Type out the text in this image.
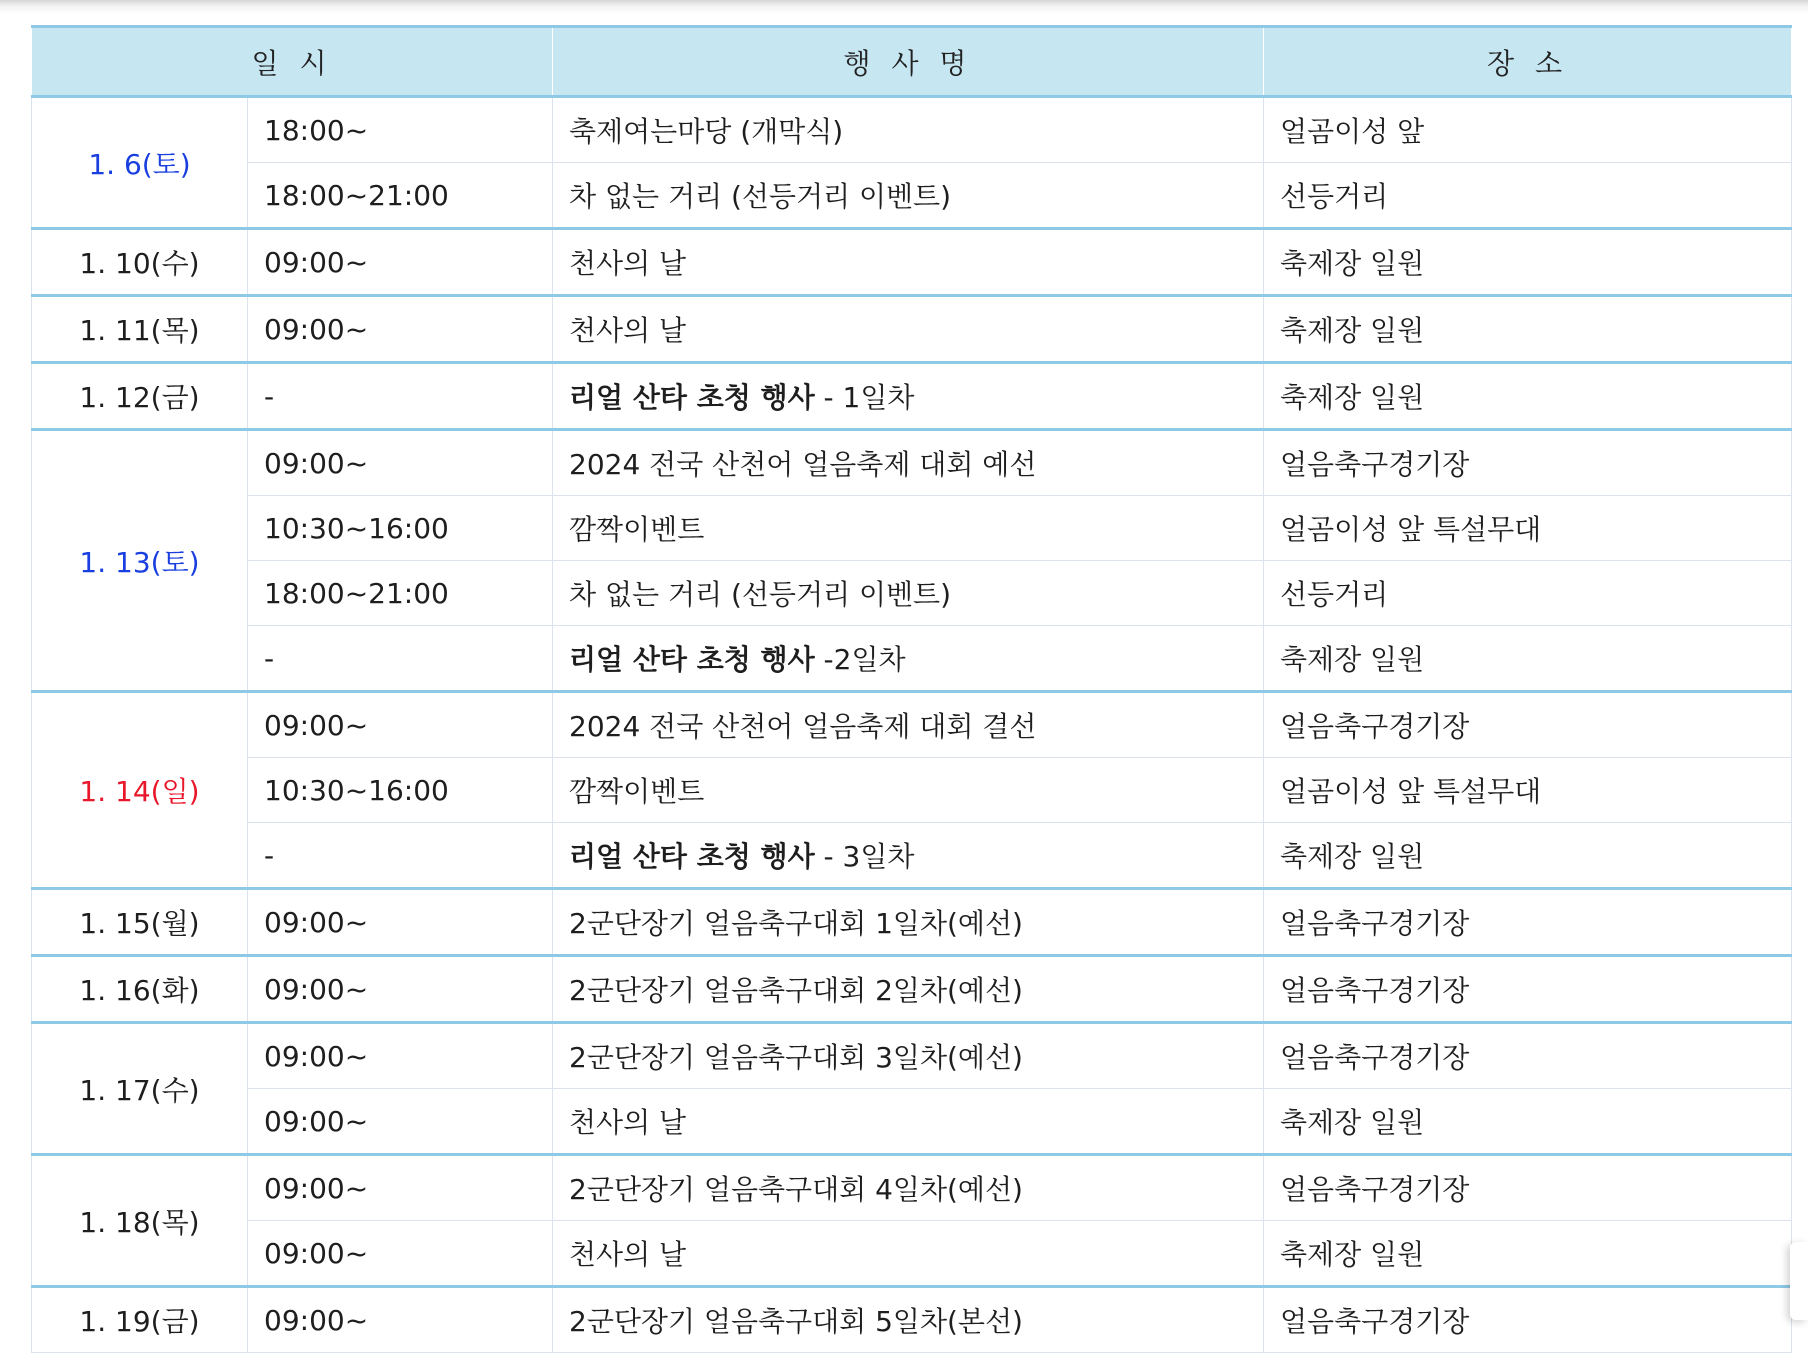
일 시		행 사 명	장 소
1. 6(토)	18:00~	축제여는마당 (개막식)	얼곰이성 앞
	18:00~21:00	차 없는 거리 (선등거리 이벤트)	선등거리
1. 10(수)	09:00~	천사의 날	축제장 일원
1. 11(목)	09:00~	천사의 날	축제장 일원
1. 12(금)	-	리얼 산타 초청 행사 - 1일차	축제장 일원
1. 13(토)	09:00~	2024 전국 산천어 얼음축제 대회 예선	얼음축구경기장
	10:30~16:00	깜짝이벤트	얼곰이성 앞 특설무대
	18:00~21:00	차 없는 거리 (선등거리 이벤트)	선등거리
	-	리얼 산타 초청 행사 -2일차	축제장 일원
1. 14(일)	09:00~	2024 전국 산천어 얼음축제 대회 결선	얼음축구경기장
	10:30~16:00	깜짝이벤트	얼곰이성 앞 특설무대
	-	리얼 산타 초청 행사 - 3일차	축제장 일원
1. 15(월)	09:00~	2군단장기 얼음축구대회 1일차(예선)	얼음축구경기장
1. 16(화)	09:00~	2군단장기 얼음축구대회 2일차(예선)	얼음축구경기장
1. 17(수)	09:00~	2군단장기 얼음축구대회 3일차(예선)	얼음축구경기장
	09:00~	천사의 날	축제장 일원
1. 18(목)	09:00~	2군단장기 얼음축구대회 4일차(예선)	얼음축구경기장
	09:00~	천사의 날	축제장 일원
1. 19(금)	09:00~	2군단장기 얼음축구대회 5일차(본선)	얼음축구경기장
